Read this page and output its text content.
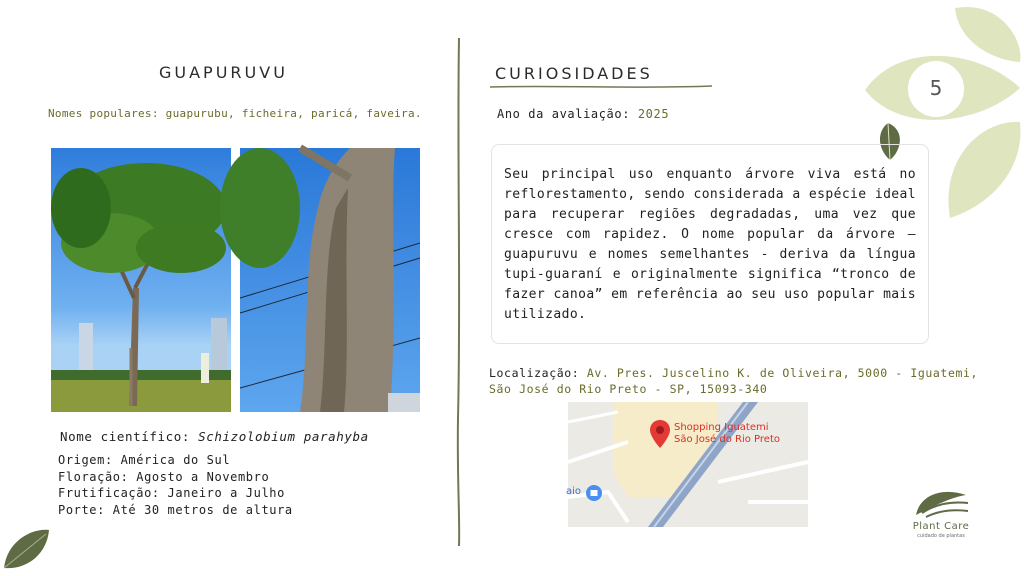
5
GUAPURUVU
Nomes populares: guapurubu, ficheira, paricá, faveira.
Nome científico: Schizolobium parahyba
Origem: América do Sul
Floração: Agosto a Novembro
Frutificação: Janeiro a Julho
Porte: Até 30 metros de altura
CURIOSIDADES
Ano da avaliação: 2025

Seu principal uso enquanto árvore viva está no reflorestamento, sendo considerada a espécie ideal para recuperar regiões degradadas, uma vez que cresce com rapidez. O nome popular da árvore – guapuruvu e nomes semelhantes - deriva da língua tupi-guaraní e originalmente significa “tronco de fazer canoa” em referência ao seu uso popular mais utilizado.

Localização: Av. Pres. Juscelino K. de Oliveira, 5000 - Iguatemi, São José do Rio Preto - SP, 15093-340
Shopping Iguatemi
São José do Rio Preto
aio
Plant Care
cuidado de plantas
